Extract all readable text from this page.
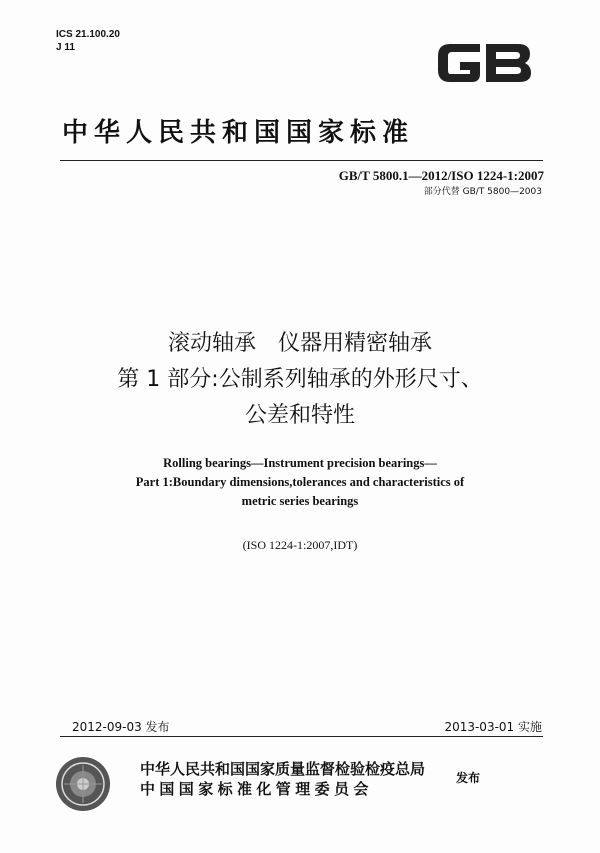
ICS 21.100.20
J 11
中华人民共和国国家标准
GB/T 5800.1—2012/ISO 1224-1:2007
部分代替 GB/T 5800—2003
滚动轴承　仪器用精密轴承
第 1 部分:公制系列轴承的外形尺寸、
公差和特性
Rolling bearings—Instrument precision bearings—
Part 1:Boundary dimensions,tolerances and characteristics of
metric series bearings
(ISO 1224-1:2007,IDT)
2012-09-03 发布	2013-03-01 实施
中华人民共和国国家质量监督检验检疫总局
中国国家标准化管理委员会
发布
